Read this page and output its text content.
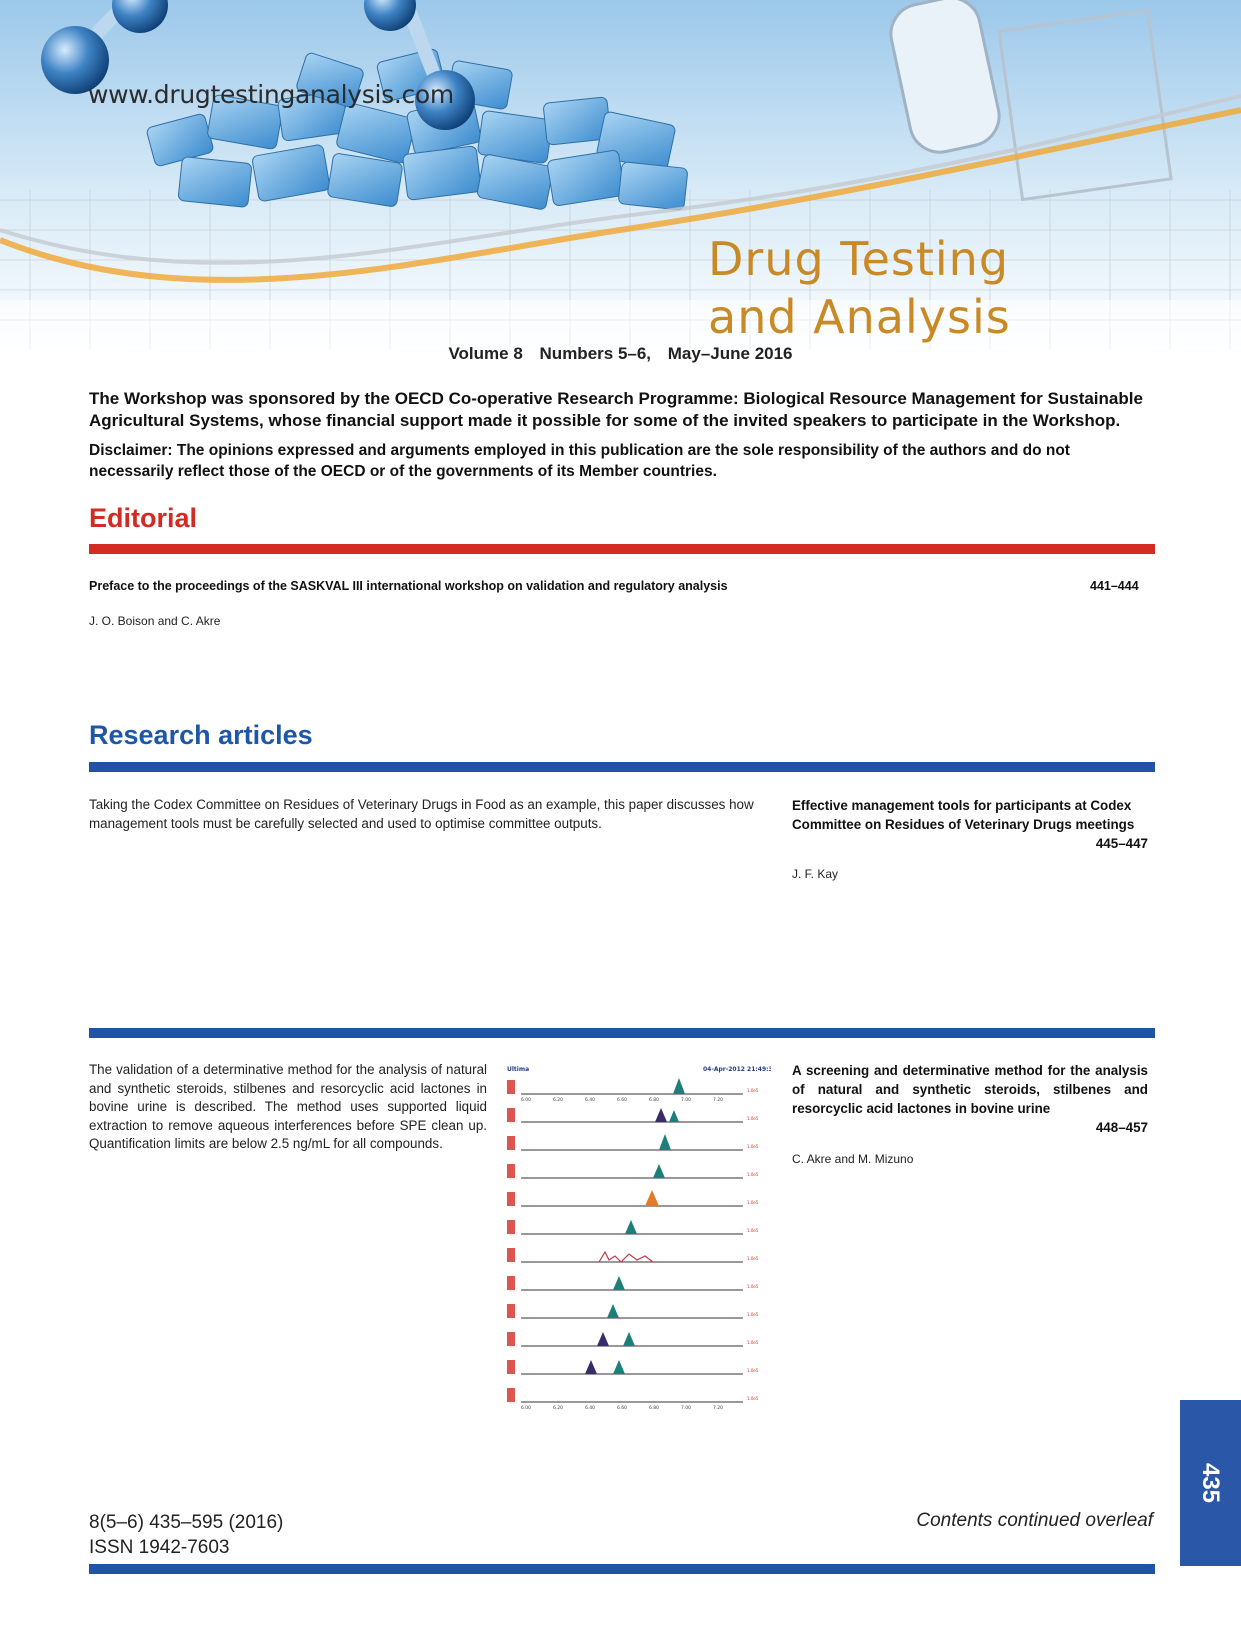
www.drugtestinganalysis.com
Drug Testing
and Analysis
Volume 8 Numbers 5–6, May–June 2016
The Workshop was sponsored by the OECD Co-operative Research Programme: Biological Resource Management for Sustainable Agricultural Systems, whose financial support made it possible for some of the invited speakers to participate in the Workshop.
Disclaimer: The opinions expressed and arguments employed in this publication are the sole responsibility of the authors and do not necessarily reflect those of the OECD or of the governments of its Member countries.
Editorial
Preface to the proceedings of the SASKVAL III international workshop on validation and regulatory analysis	441–444
J. O. Boison and C. Akre
Research articles
Taking the Codex Committee on Residues of Veterinary Drugs in Food as an example, this paper discusses how management tools must be carefully selected and used to optimise committee outputs.
Effective management tools for participants at Codex Committee on Residues of Veterinary Drugs meetings
445–447
J. F. Kay
The validation of a determinative method for the analysis of natural and synthetic steroids, stilbenes and resorcyclic acid lactones in bovine urine is described. The method uses supported liquid extraction to remove aqueous interferences before SPE clean up. Quantification limits are below 2.5 ng/mL for all compounds.
Ultima	04-Apr-2012 21:49:33
6.00	6.20	6.40	6.60	6.80	7.00	7.20
6.00	6.20	6.40	6.60	6.80	7.00	7.20
1.0e5
1.0e5
1.0e5
1.0e5
1.0e5
1.0e5
1.0e5
1.0e5
1.0e5
1.0e5
1.0e5
1.0e5
A screening and determinative method for the analysis of natural and synthetic steroids, stilbenes and resorcyclic acid lactones in bovine urine
448–457
C. Akre and M. Mizuno
8(5–6) 435–595 (2016)
ISSN 1942-7603
Contents continued overleaf
435
